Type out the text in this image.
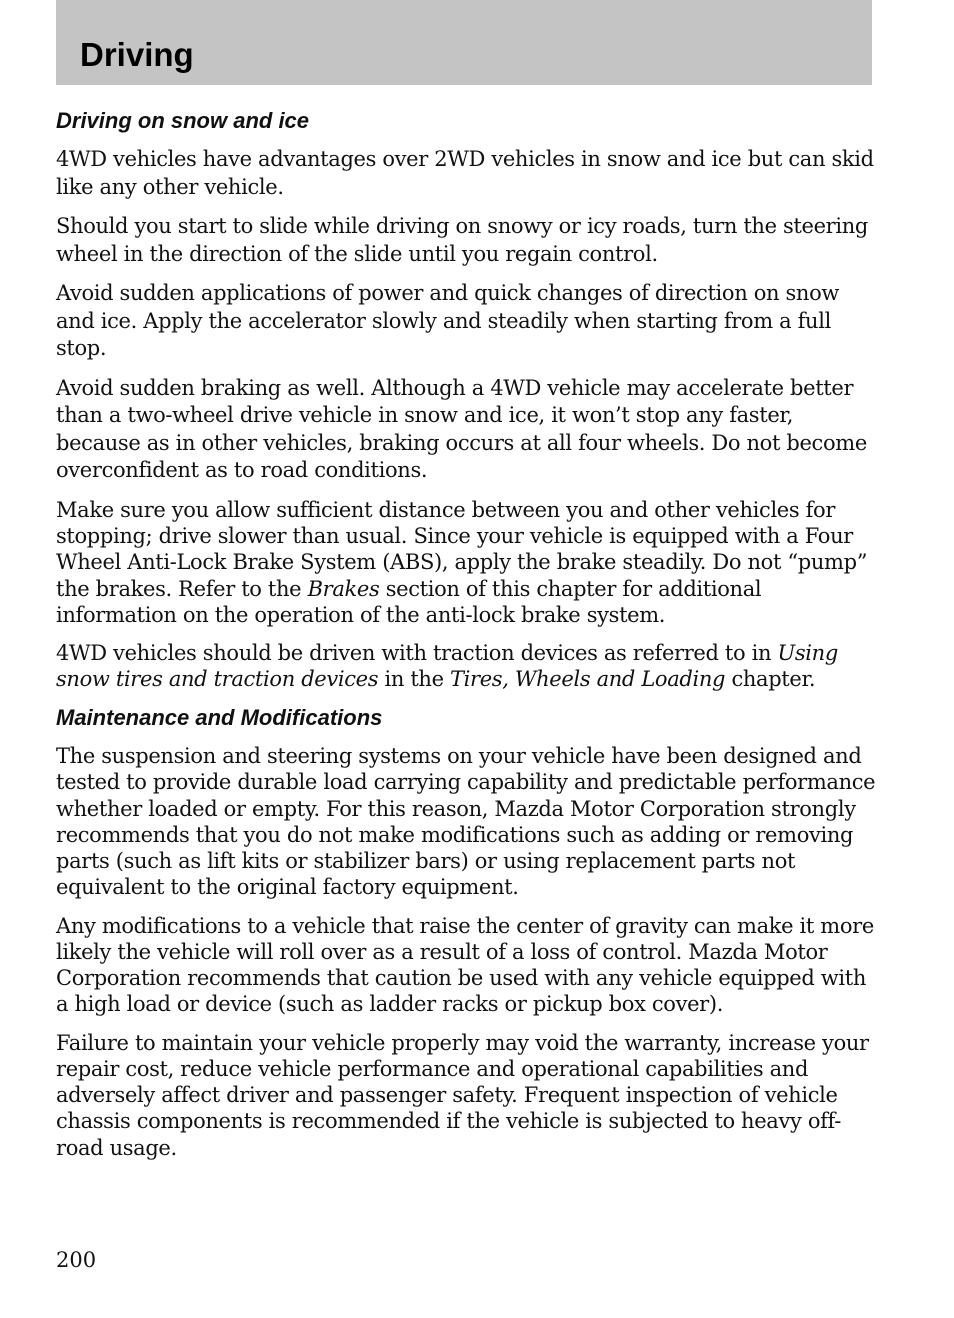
Driving
Driving on snow and ice

4WD vehicles have advantages over 2WD vehicles in snow and ice but can skid like any other vehicle.

Should you start to slide while driving on snowy or icy roads, turn the steering wheel in the direction of the slide until you regain control.

Avoid sudden applications of power and quick changes of direction on snow and ice. Apply the accelerator slowly and steadily when starting from a full stop.

Avoid sudden braking as well. Although a 4WD vehicle may accelerate better than a two-wheel drive vehicle in snow and ice, it won’t stop any faster, because as in other vehicles, braking occurs at all four wheels. Do not become overconfident as to road conditions.

Make sure you allow sufficient distance between you and other vehicles for stopping; drive slower than usual. Since your vehicle is equipped with a Four Wheel Anti-Lock Brake System (ABS), apply the brake steadily. Do not “pump” the brakes. Refer to the Brakes section of this chapter for additional information on the operation of the anti-lock brake system.

4WD vehicles should be driven with traction devices as referred to in Using snow tires and traction devices in the Tires, Wheels and Loading chapter.

Maintenance and Modifications

The suspension and steering systems on your vehicle have been designed and tested to provide durable load carrying capability and predictable performance whether loaded or empty. For this reason, Mazda Motor Corporation strongly recommends that you do not make modifications such as adding or removing parts (such as lift kits or stabilizer bars) or using replacement parts not equivalent to the original factory equipment.

Any modifications to a vehicle that raise the center of gravity can make it more likely the vehicle will roll over as a result of a loss of control. Mazda Motor Corporation recommends that caution be used with any vehicle equipped with a high load or device (such as ladder racks or pickup box cover).

Failure to maintain your vehicle properly may void the warranty, increase your repair cost, reduce vehicle performance and operational capabilities and adversely affect driver and passenger safety. Frequent inspection of vehicle chassis components is recommended if the vehicle is subjected to heavy off-road usage.

200
